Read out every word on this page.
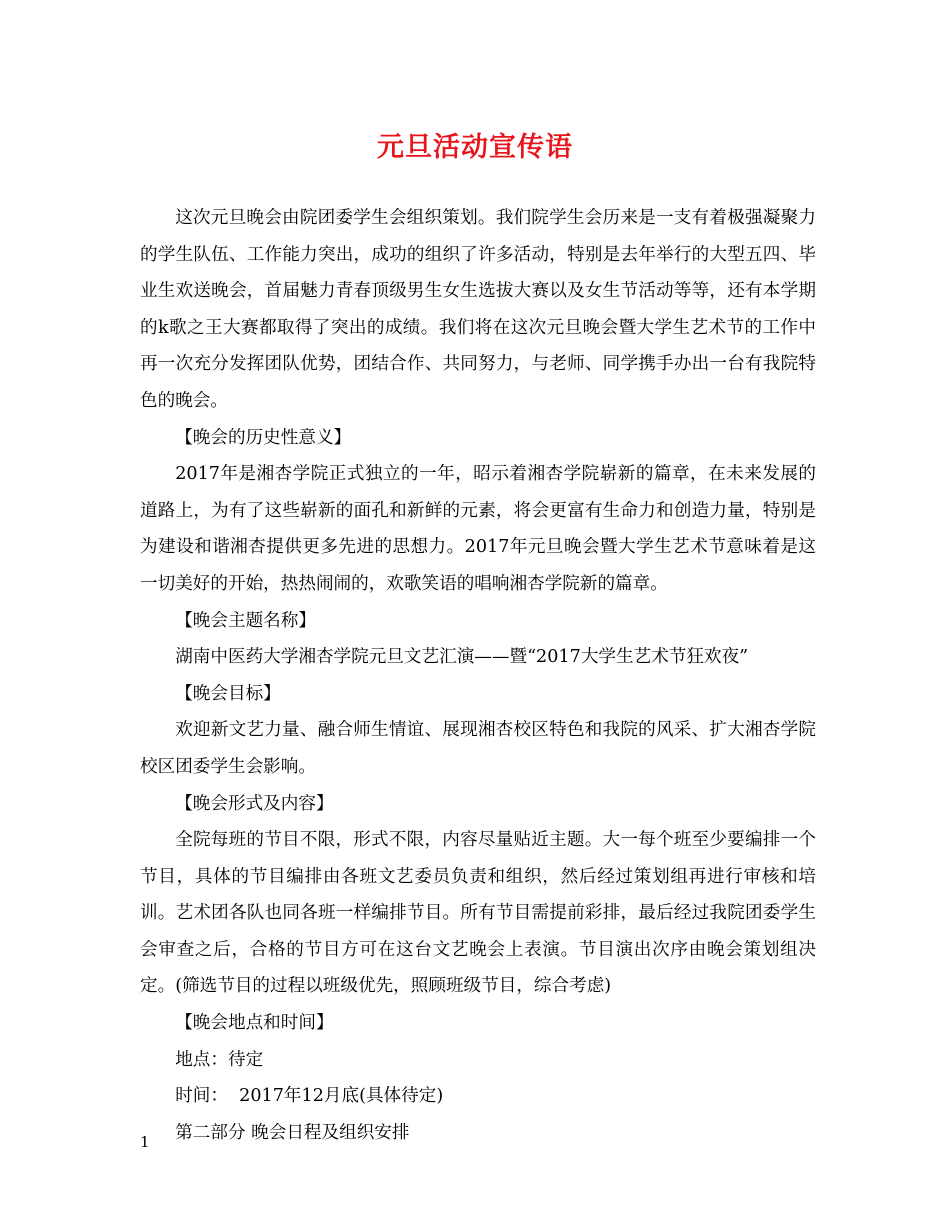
元旦活动宣传语

这次元旦晚会由院团委学生会组织策划。我们院学生会历来是一支有着极强凝聚力的学生队伍、工作能力突出，成功的组织了许多活动，特别是去年举行的大型五四、毕业生欢送晚会，首届魅力青春顶级男生女生选拔大赛以及女生节活动等等，还有本学期的k歌之王大赛都取得了突出的成绩。我们将在这次元旦晚会暨大学生艺术节的工作中再一次充分发挥团队优势，团结合作、共同努力，与老师、同学携手办出一台有我院特色的晚会。

【晚会的历史性意义】

2017年是湘杏学院正式独立的一年，昭示着湘杏学院崭新的篇章，在未来发展的道路上，为有了这些崭新的面孔和新鲜的元素，将会更富有生命力和创造力量，特别是为建设和谐湘杏提供更多先进的思想力。2017年元旦晚会暨大学生艺术节意味着是这一切美好的开始，热热闹闹的，欢歌笑语的唱响湘杏学院新的篇章。

【晚会主题名称】

湖南中医药大学湘杏学院元旦文艺汇演——暨“2017大学生艺术节狂欢夜”

【晚会目标】

欢迎新文艺力量、融合师生情谊、展现湘杏校区特色和我院的风采、扩大湘杏学院校区团委学生会影响。

【晚会形式及内容】

全院每班的节目不限，形式不限，内容尽量贴近主题。大一每个班至少要编排一个节目，具体的节目编排由各班文艺委员负责和组织，然后经过策划组再进行审核和培训。艺术团各队也同各班一样编排节目。所有节目需提前彩排，最后经过我院团委学生会审查之后，合格的节目方可在这台文艺晚会上表演。节目演出次序由晚会策划组决定。(筛选节目的过程以班级优先，照顾班级节目，综合考虑)

【晚会地点和时间】

地点：待定

时间：  2017年12月底(具体待定)

第二部分 晚会日程及组织安排

1
